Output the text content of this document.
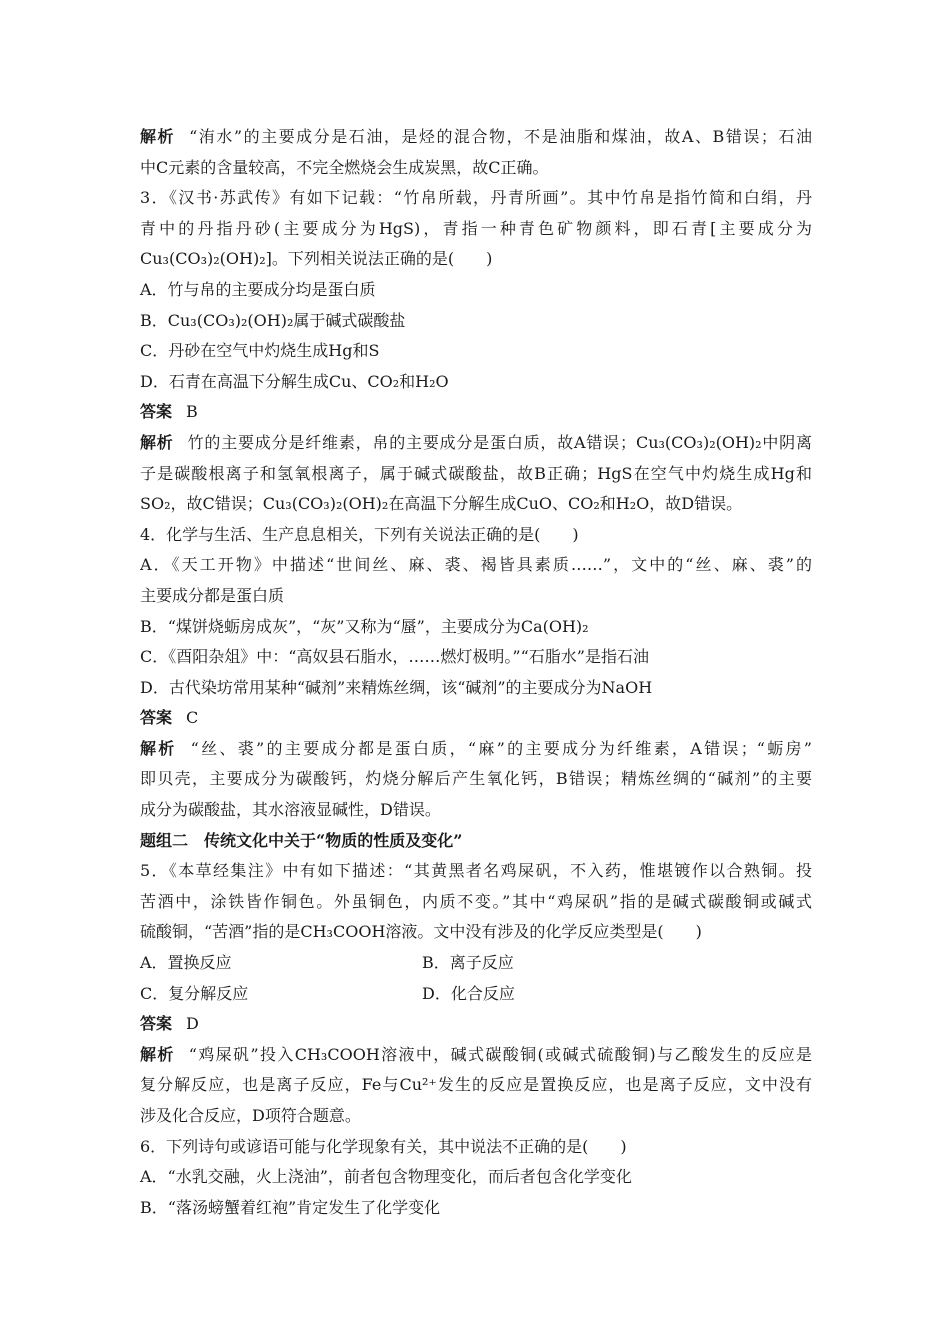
解析 “洧水”的主要成分是石油，是烃的混合物，不是油脂和煤油，故A、B错误；石油
中C元素的含量较高，不完全燃烧会生成炭黑，故C正确。
3．《汉书·苏武传》有如下记载：“竹帛所载，丹青所画”。其中竹帛是指竹简和白绢，丹
青中的丹指丹砂(主要成分为HgS)，青指一种青色矿物颜料，即石青[主要成分为
Cu₃(CO₃)₂(OH)₂]。下列相关说法正确的是(　　)
A．竹与帛的主要成分均是蛋白质
B．Cu₃(CO₃)₂(OH)₂属于碱式碳酸盐
C．丹砂在空气中灼烧生成Hg和S
D．石青在高温下分解生成Cu、CO₂和H₂O
答案 B
解析 竹的主要成分是纤维素，帛的主要成分是蛋白质，故A错误；Cu₃(CO₃)₂(OH)₂中阴离
子是碳酸根离子和氢氧根离子，属于碱式碳酸盐，故B正确；HgS在空气中灼烧生成Hg和
SO₂，故C错误；Cu₃(CO₃)₂(OH)₂在高温下分解生成CuO、CO₂和H₂O，故D错误。
4．化学与生活、生产息息相关，下列有关说法正确的是(　　)
A．《天工开物》中描述“世间丝、麻、裘、褐皆具素质……”，文中的“丝、麻、裘”的
主要成分都是蛋白质
B．“煤饼烧蛎房成灰”，“灰”又称为“蜃”，主要成分为Ca(OH)₂
C．《酉阳杂俎》中：“高奴县石脂水，……燃灯极明。”“石脂水”是指石油
D．古代染坊常用某种“碱剂”来精炼丝绸，该“碱剂”的主要成分为NaOH
答案 C
解析 “丝、裘”的主要成分都是蛋白质，“麻”的主要成分为纤维素，A错误；“蛎房”
即贝壳，主要成分为碳酸钙，灼烧分解后产生氧化钙，B错误；精炼丝绸的“碱剂”的主要
成分为碳酸盐，其水溶液显碱性，D错误。
题组二　传统文化中关于“物质的性质及变化”
5．《本草经集注》中有如下描述：“其黄黑者名鸡屎矾，不入药，惟堪镀作以合熟铜。投
苦酒中，涂铁皆作铜色。外虽铜色，内质不变。”其中“鸡屎矾”指的是碱式碳酸铜或碱式
硫酸铜，“苦酒”指的是CH₃COOH溶液。文中没有涉及的化学反应类型是(　　)
A．置换反应	B．离子反应
C．复分解反应	D．化合反应
答案 D
解析 “鸡屎矾”投入CH₃COOH溶液中，碱式碳酸铜(或碱式硫酸铜)与乙酸发生的反应是
复分解反应，也是离子反应，Fe与Cu²⁺发生的反应是置换反应，也是离子反应，文中没有
涉及化合反应，D项符合题意。
6．下列诗句或谚语可能与化学现象有关，其中说法不正确的是(　　)
A．“水乳交融，火上浇油”，前者包含物理变化，而后者包含化学变化
B．“落汤螃蟹着红袍”肯定发生了化学变化
